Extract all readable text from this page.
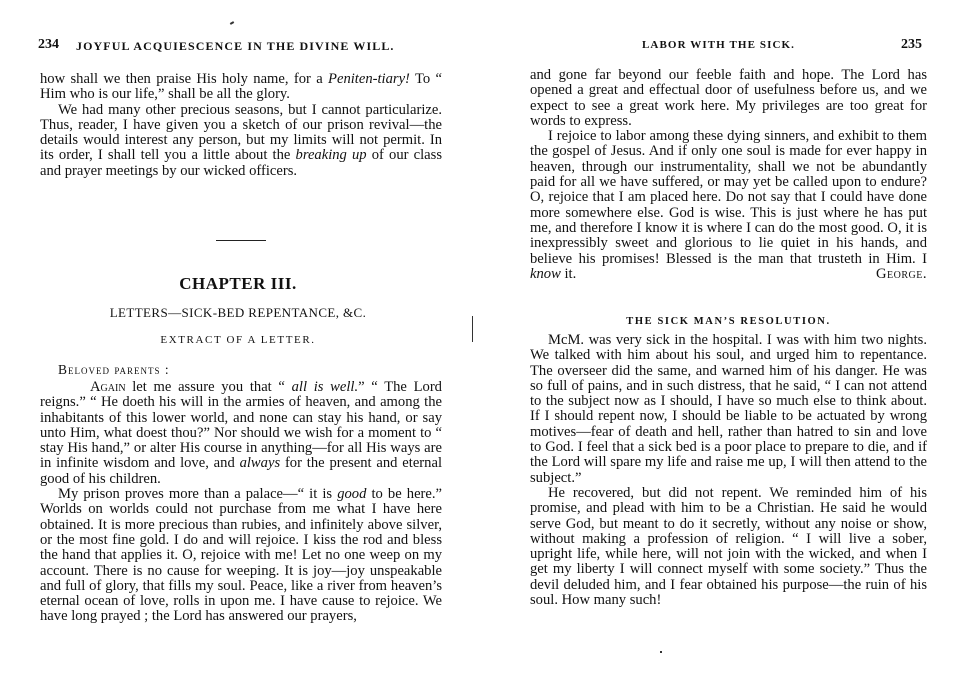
234 JOYFUL ACQUIESCENCE IN THE DIVINE WILL.

how shall we then praise His holy name, for a Peniten-tiary! To “ Him who is our life,” shall be all the glory.

We had many other precious seasons, but I cannot particularize. Thus, reader, I have given you a sketch of our prison revival—the details would interest any person, but my limits will not permit. In its order, I shall tell you a little about the breaking up of our class and prayer meetings by our wicked officers.

CHAPTER III.
LETTERS—SICK-BED REPENTANCE, &C.
EXTRACT OF A LETTER.
Beloved parents :

Again let me assure you that “ all is well.” “ The Lord reigns.” “ He doeth his will in the armies of heaven, and among the inhabitants of this lower world, and none can stay his hand, or say unto Him, what doest thou?” Nor should we wish for a moment to “ stay His hand,” or alter His course in anything—for all His ways are in infinite wisdom and love, and always for the present and eternal good of his children.

My prison proves more than a palace—“ it is good to be here.” Worlds on worlds could not purchase from me what I have here obtained. It is more precious than rubies, and infinitely above silver, or the most fine gold. I do and will rejoice. I kiss the rod and bless the hand that applies it. O, rejoice with me! Let no one weep on my account. There is no cause for weeping. It is joy—joy unspeakable and full of glory, that fills my soul. Peace, like a river from heaven’s eternal ocean of love, rolls in upon me. I have cause to rejoice. We have long prayed ; the Lord has answered our prayers,

LABOR WITH THE SICK.	235

and gone far beyond our feeble faith and hope. The Lord has opened a great and effectual door of usefulness before us, and we expect to see a great work here. My privileges are too great for words to express.

I rejoice to labor among these dying sinners, and exhibit to them the gospel of Jesus. And if only one soul is made for ever happy in heaven, through our instrumentality, shall we not be abundantly paid for all we have suffered, or may yet be called upon to endure? O, rejoice that I am placed here. Do not say that I could have done more somewhere else. God is wise. This is just where he has put me, and therefore I know it is where I can do the most good. O, it is inexpressibly sweet and glorious to lie quiet in his hands, and believe his promises! Blessed is the man that trusteth in Him. I know it.	George.

THE SICK MAN’S RESOLUTION.

McM. was very sick in the hospital. I was with him two nights. We talked with him about his soul, and urged him to repentance. The overseer did the same, and warned him of his danger. He was so full of pains, and in such distress, that he said, “ I can not attend to the subject now as I should, I have so much else to think about. If I should repent now, I should be liable to be actuated by wrong motives—fear of death and hell, rather than hatred to sin and love to God. I feel that a sick bed is a poor place to prepare to die, and if the Lord will spare my life and raise me up, I will then attend to the subject.”

He recovered, but did not repent. We reminded him of his promise, and plead with him to be a Christian. He said he would serve God, but meant to do it secretly, without any noise or show, without making a profession of religion. “ I will live a sober, upright life, while here, will not join with the wicked, and when I get my liberty I will connect myself with some society.” Thus the devil deluded him, and I fear obtained his purpose—the ruin of his soul. How many such!
